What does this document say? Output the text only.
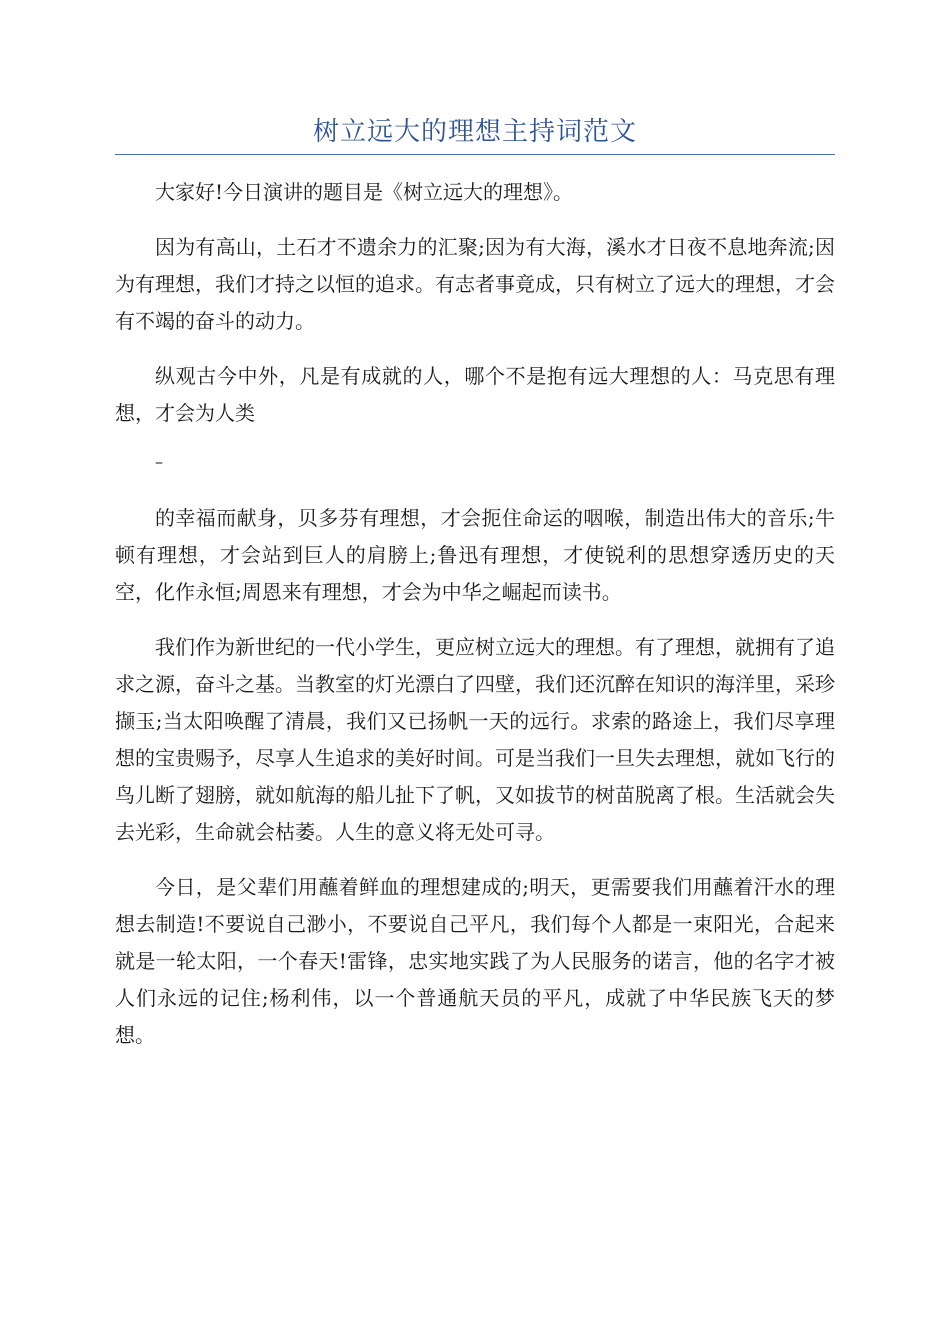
树立远大的理想主持词范文

大家好!今日演讲的题目是《树立远大的理想》。

因为有高山，土石才不遗余力的汇聚;因为有大海，溪水才日夜不息地奔流;因为有理想，我们才持之以恒的追求。有志者事竟成，只有树立了远大的理想，才会有不竭的奋斗的动力。

纵观古今中外，凡是有成就的人，哪个不是抱有远大理想的人：马克思有理想，才会为人类

–

的幸福而献身，贝多芬有理想，才会扼住命运的咽喉，制造出伟大的音乐;牛顿有理想，才会站到巨人的肩膀上;鲁迅有理想，才使锐利的思想穿透历史的天空，化作永恒;周恩来有理想，才会为中华之崛起而读书。

我们作为新世纪的一代小学生，更应树立远大的理想。有了理想，就拥有了追求之源，奋斗之基。当教室的灯光漂白了四壁，我们还沉醉在知识的海洋里，采珍撷玉;当太阳唤醒了清晨，我们又已扬帆一天的远行。求索的路途上，我们尽享理想的宝贵赐予，尽享人生追求的美好时间。可是当我们一旦失去理想，就如飞行的鸟儿断了翅膀，就如航海的船儿扯下了帆，又如拔节的树苗脱离了根。生活就会失去光彩，生命就会枯萎。人生的意义将无处可寻。

今日，是父辈们用蘸着鲜血的理想建成的;明天，更需要我们用蘸着汗水的理想去制造!不要说自己渺小，不要说自己平凡，我们每个人都是一束阳光，合起来就是一轮太阳，一个春天!雷锋，忠实地实践了为人民服务的诺言，他的名字才被人们永远的记住;杨利伟，以一个普通航天员的平凡，成就了中华民族飞天的梦想。
